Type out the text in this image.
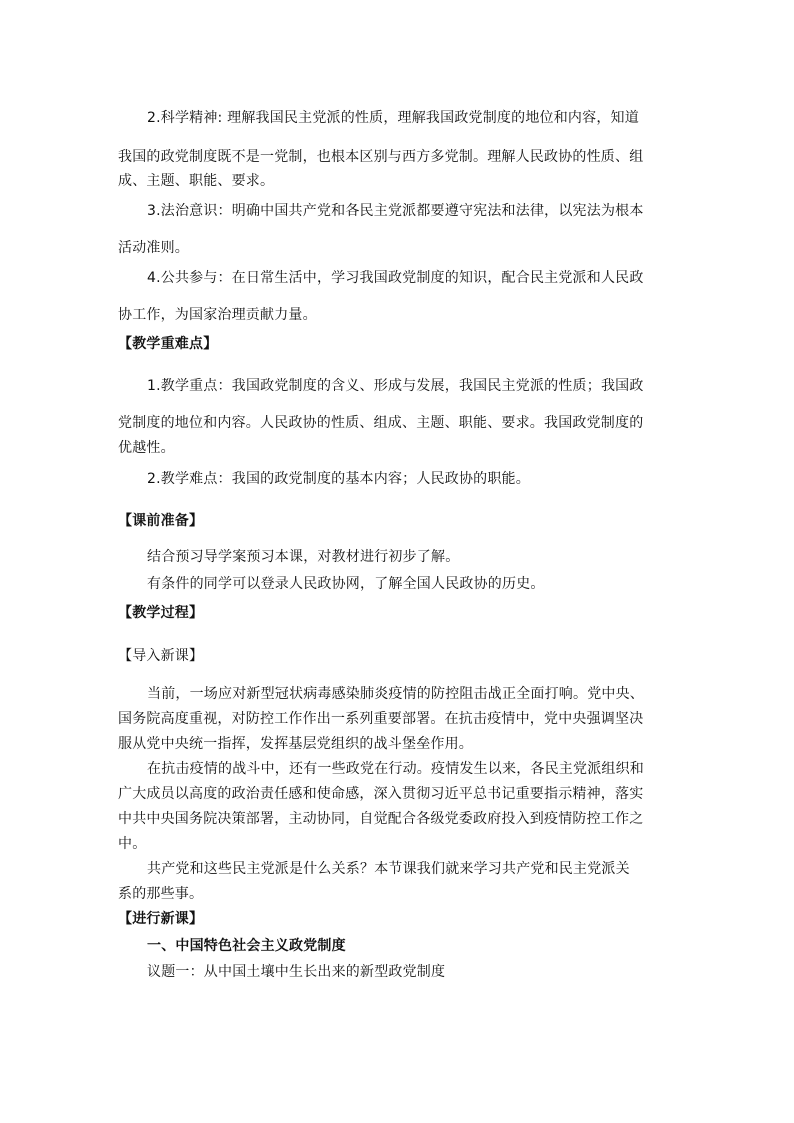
2.科学精神: 理解我国民主党派的性质，理解我国政党制度的地位和内容，知道
我国的政党制度既不是一党制，也根本区别与西方多党制。理解人民政协的性质、组
成、主题、职能、要求。
3.法治意识：明确中国共产党和各民主党派都要遵守宪法和法律，以宪法为根本
活动准则。
4.公共参与：在日常生活中，学习我国政党制度的知识，配合民主党派和人民政
协工作，为国家治理贡献力量。
【教学重难点】
1.教学重点：我国政党制度的含义、形成与发展，我国民主党派的性质；我国政
党制度的地位和内容。人民政协的性质、组成、主题、职能、要求。我国政党制度的
优越性。
2.教学难点：我国的政党制度的基本内容；人民政协的职能。
【课前准备】
结合预习导学案预习本课，对教材进行初步了解。
有条件的同学可以登录人民政协网，了解全国人民政协的历史。
【教学过程】
【导入新课】
当前，一场应对新型冠状病毒感染肺炎疫情的防控阻击战正全面打响。党中央、
国务院高度重视，对防控工作作出一系列重要部署。在抗击疫情中，党中央强调坚决
服从党中央统一指挥，发挥基层党组织的战斗堡垒作用。
在抗击疫情的战斗中，还有一些政党在行动。疫情发生以来，各民主党派组织和
广大成员以高度的政治责任感和使命感，深入贯彻习近平总书记重要指示精神，落实
中共中央国务院决策部署，主动协同，自觉配合各级党委政府投入到疫情防控工作之
中。
共产党和这些民主党派是什么关系？本节课我们就来学习共产党和民主党派关
系的那些事。
【进行新课】
一、中国特色社会主义政党制度
议题一：从中国土壤中生长出来的新型政党制度
